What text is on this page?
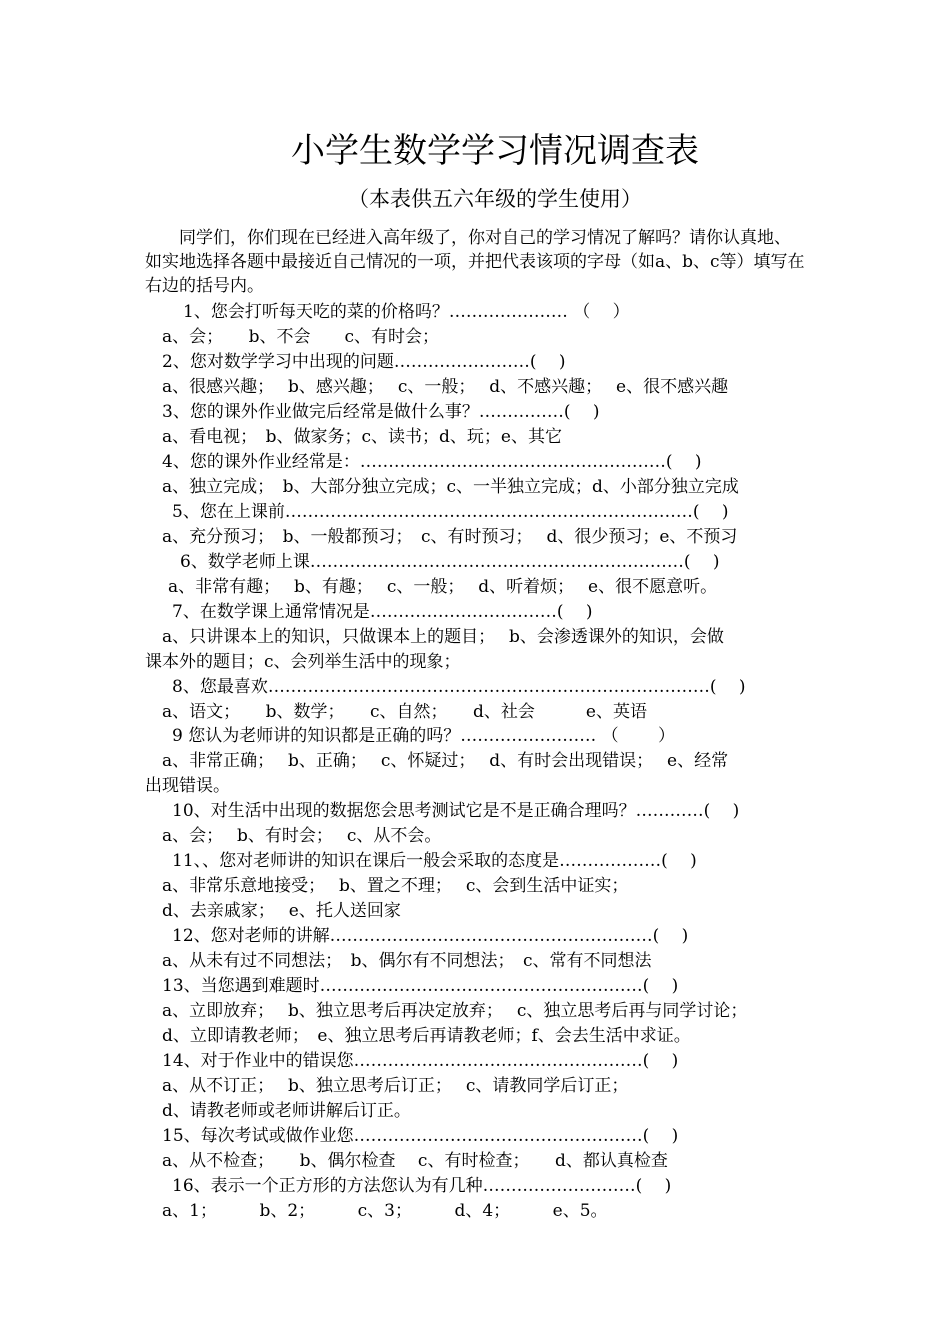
小学生数学学习情况调查表
（本表供五六年级的学生使用）
同学们，你们现在已经进入高年级了，你对自己的学习情况了解吗？请你认真地、如实地选择各题中最接近自己情况的一项，并把代表该项的字母（如a、b、c等）填写在右边的括号内。
1、您会打听每天吃的菜的价格吗？………………… （　 ）
a、会；　　b、不会　　c、有时会；
2、您对数学学习中出现的问题……………………(　 )
a、很感兴趣；　 b、感兴趣；　 c、一般；　 d、不感兴趣；　 e、很不感兴趣
3、您的课外作业做完后经常是做什么事？……………(　 )
a、看电视；　b、做家务；c、读书；d、玩；e、其它
4、您的课外作业经常是：………………………………………………(　 )
a、独立完成；　b、大部分独立完成；c、一半独立完成；d、小部分独立完成
5、您在上课前………………………………………………………………(　 )
a、充分预习；　b、一般都预习；　c、有时预习；　 d、很少预习；e、不预习
6、数学老师上课…………………………………………………………(　 )
a、非常有趣；　 b、有趣；　 c、一般；　 d、听着烦；　 e、很不愿意听。
7、在数学课上通常情况是……………………………(　 )
a、只讲课本上的知识，只做课本上的题目；　 b、会渗透课外的知识，会做
课本外的题目；c、会列举生活中的现象；
8、您最喜欢……………………………………………………………………(　 )
a、语文；　　b、数学；　　c、自然；　　d、社会　　　e、英语
9 您认为老师讲的知识都是正确的吗？…………………… （　　 ）
a、非常正确；　 b、正确；　 c、怀疑过；　 d、有时会出现错误；　 e、经常
出现错误。
10、对生活中出现的数据您会思考测试它是不是正确合理吗？…………(　 )
a、会；　 b、有时会；　 c、从不会。
11、、您对老师讲的知识在课后一般会采取的态度是………………(　 )
a、非常乐意地接受；　 b、置之不理；　 c、会到生活中证实；
d、去亲戚家；　 e、托人送回家
12、您对老师的讲解…………………………………………………(　 )
a、从未有过不同想法；　b、偶尔有不同想法；　c、常有不同想法
13、当您遇到难题时…………………………………………………(　 )
a、立即放弃；　 b、独立思考后再决定放弃；　 c、独立思考后再与同学讨论；
d、立即请教老师；　e、独立思考后再请教老师；f、会去生活中求证。
14、对于作业中的错误您……………………………………………(　 )
a、从不订正；　 b、独立思考后订正；　 c、请教同学后订正；
d、请教老师或老师讲解后订正。
15、每次考试或做作业您……………………………………………(　 )
a、从不检查；　　b、偶尔检查　 c、有时检查；　　d、都认真检查
16、表示一个正方形的方法您认为有几种………………………(　 )
a、1；　　　b、2；　　　c、3；　　　d、4；　　　e、5。
